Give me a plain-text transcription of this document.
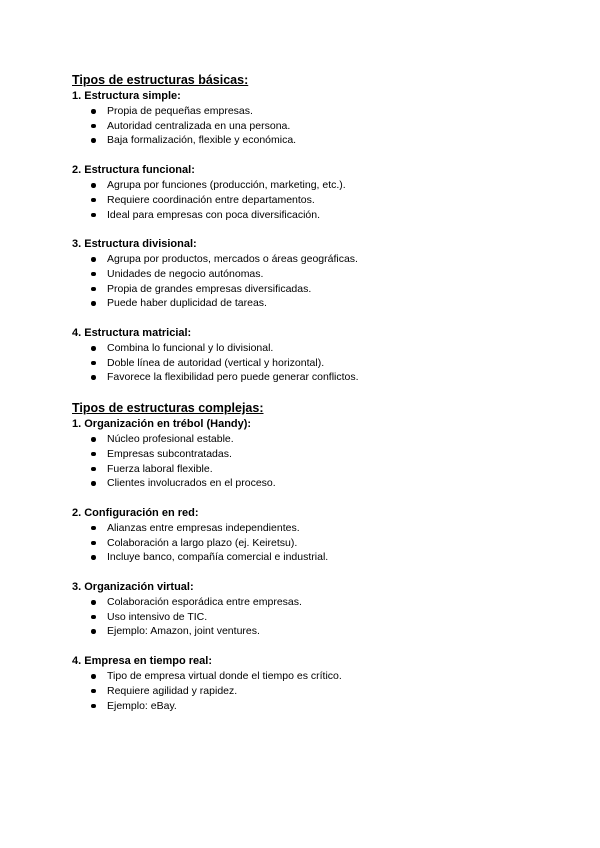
Tipos de estructuras básicas:
1. Estructura simple:
Propia de pequeñas empresas.
Autoridad centralizada en una persona.
Baja formalización, flexible y económica.
2. Estructura funcional:
Agrupa por funciones (producción, marketing, etc.).
Requiere coordinación entre departamentos.
Ideal para empresas con poca diversificación.
3. Estructura divisional:
Agrupa por productos, mercados o áreas geográficas.
Unidades de negocio autónomas.
Propia de grandes empresas diversificadas.
Puede haber duplicidad de tareas.
4. Estructura matricial:
Combina lo funcional y lo divisional.
Doble línea de autoridad (vertical y horizontal).
Favorece la flexibilidad pero puede generar conflictos.
Tipos de estructuras complejas:
1. Organización en trébol (Handy):
Núcleo profesional estable.
Empresas subcontratadas.
Fuerza laboral flexible.
Clientes involucrados en el proceso.
2. Configuración en red:
Alianzas entre empresas independientes.
Colaboración a largo plazo (ej. Keiretsu).
Incluye banco, compañía comercial e industrial.
3. Organización virtual:
Colaboración esporádica entre empresas.
Uso intensivo de TIC.
Ejemplo: Amazon, joint ventures.
4. Empresa en tiempo real:
Tipo de empresa virtual donde el tiempo es crítico.
Requiere agilidad y rapidez.
Ejemplo: eBay.
